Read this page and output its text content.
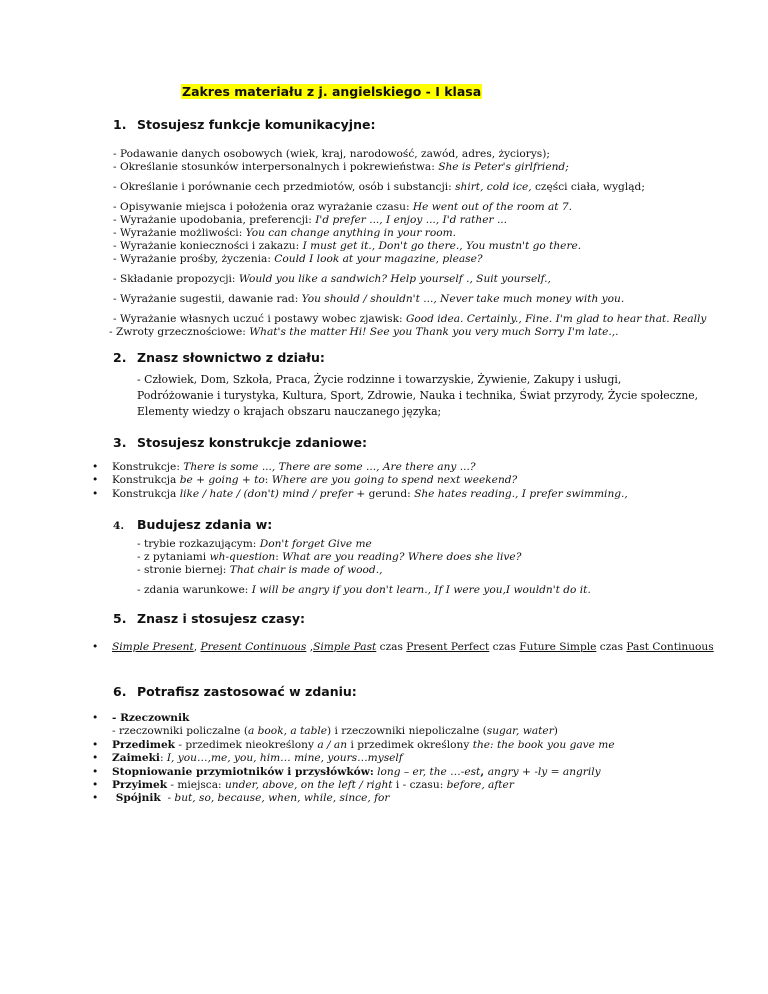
Zakres materiału z j. angielskiego - I klasa
1. Stosujesz funkcje komunikacyjne:
- Podawanie danych osobowych (wiek, kraj, narodowość, zawód, adres, życiorys);
- Określanie stosunków interpersonalnych i pokrewieństwa: She is Peter's girlfriend;
- Określanie i porównanie cech przedmiotów, osób i substancji: shirt, cold ice, części ciała, wygląd;
- Opisywanie miejsca i położenia oraz wyrażanie czasu: He went out of the room at 7.
- Wyrażanie upodobania, preferencji: I'd prefer ..., I enjoy ..., I'd rather ...
- Wyrażanie możliwości: You can change anything in your room.
- Wyrażanie konieczności i zakazu: I must get it., Don't go there., You mustn't go there.
- Wyrażanie prośby, życzenia: Could I look at your magazine, please?
- Składanie propozycji: Would you like a sandwich? Help yourself ., Suit yourself.,
- Wyrażanie sugestii, dawanie rad: You should / shouldn't ..., Never take much money with you.
- Wyrażanie własnych uczuć i postawy wobec zjawisk: Good idea. Certainly., Fine. I'm glad to hear that. Really
- Zwroty grzecznościowe: What's the matter Hi! See you Thank you very much Sorry I'm late.,.
2. Znasz słownictwo z działu:
- Człowiek, Dom, Szkoła, Praca, Życie rodzinne i towarzyskie, Żywienie, Zakupy i usługi,
Podróżowanie i turystyka, Kultura, Sport, Zdrowie, Nauka i technika, Świat przyrody, Życie społeczne,
Elementy wiedzy o krajach obszaru nauczanego języka;
3. Stosujesz konstrukcje zdaniowe:
• Konstrukcje: There is some ..., There are some ..., Are there any ...?
• Konstrukcja be + going + to: Where are you going to spend next weekend?
• Konstrukcja like / hate / (don't) mind / prefer + gerund: She hates reading., I prefer swimming.,
4. Budujesz zdania w:
- trybie rozkazującym: Don't forget Give me
- z pytaniami wh-question: What are you reading? Where does she live?
- stronie biernej: That chair is made of wood.,
- zdania warunkowe: I will be angry if you don't learn., If I were you,I wouldn't do it.
5. Znasz i stosujesz czasy:
• Simple Present, Present Continuous ,Simple Past czas Present Perfect czas Future Simple czas Past Continuous
6. Potrafisz zastosować w zdaniu:
• - Rzeczownik
- rzeczowniki policzalne (a book, a table) i rzeczowniki niepoliczalne (sugar, water)
• Przedimek - przedimek nieokreślony a / an i przedimek określony the: the book you gave me
• Zaimeki: I, you…,me, you, him… mine, yours…myself
• Stopniowanie przymiotników i przysłówków: long – er, the …-est, angry + -ly = angrily
• Przyimek - miejsca: under, above, on the left / right i - czasu: before, after
• Spójnik  - but, so, because, when, while, since, for
